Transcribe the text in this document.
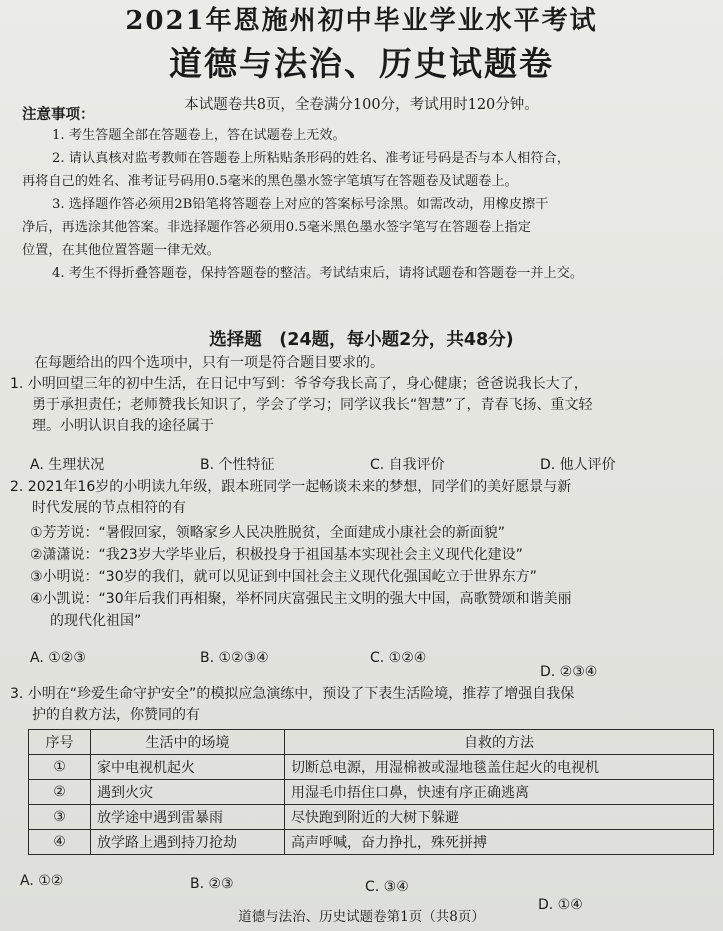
2021年恩施州初中毕业学业水平考试
道德与法治、历史试题卷
本试题卷共8页，全卷满分100分，考试用时120分钟。
注意事项：

1. 考生答题全部在答题卷上，答在试题卷上无效。

2. 请认真核对监考教师在答题卷上所粘贴条形码的姓名、准考证号码是否与本人相符合，

再将自己的姓名、准考证号码用0.5毫米的黑色墨水签字笔填写在答题卷及试题卷上。

3. 选择题作答必须用2B铅笔将答题卷上对应的答案标号涂黑。如需改动，用橡皮擦干

净后，再选涂其他答案。非选择题作答必须用0.5毫米黑色墨水签字笔写在答题卷上指定

位置，在其他位置答题一律无效。

4. 考生不得折叠答题卷，保持答题卷的整洁。考试结束后，请将试题卷和答题卷一并上交。

选择题　(24题，每小题2分，共48分)
在每题给出的四个选项中，只有一项是符合题目要求的。

1. 小明回望三年的初中生活，在日记中写到：爷爷夸我长高了，身心健康；爸爸说我长大了，

勇于承担责任；老师赞我长知识了，学会了学习；同学议我长“智慧”了，青春飞扬、重文轻

理。小明认识自我的途径属于

A. 生理状况	B. 个性特征	C. 自我评价	D. 他人评价

2. 2021年16岁的小明读九年级，跟本班同学一起畅谈未来的梦想，同学们的美好愿景与新

时代发展的节点相符的有

①芳芳说：“暑假回家，领略家乡人民决胜脱贫，全面建成小康社会的新面貌”

②潇潇说：“我23岁大学毕业后，积极投身于祖国基本实现社会主义现代化建设”

③小明说：“30岁的我们，就可以见证到中国社会主义现代化强国屹立于世界东方”

④小凯说：“30年后我们再相聚，举杯同庆富强民主文明的强大中国，高歌赞颂和谐美丽

的现代化祖国”

A. ①②③	B. ①②③④	C. ①②④
D. ②③④

3. 小明在“珍爱生命守护安全”的模拟应急演练中，预设了下表生活险境，推荐了增强自我保

护的自救方法，你赞同的有

序号	生活中的场境	自救的方法
①	家中电视机起火	切断总电源，用湿棉被或湿地毯盖住起火的电视机
②	遇到火灾	用湿毛巾捂住口鼻，快速有序正确逃离
③	放学途中遇到雷暴雨	尽快跑到附近的大树下躲避
④	放学路上遇到持刀抢劫	高声呼喊，奋力挣扎，殊死拼搏
A. ①②	B. ②③	C. ③④
D. ①④
道德与法治、历史试题卷第1页（共8页）
